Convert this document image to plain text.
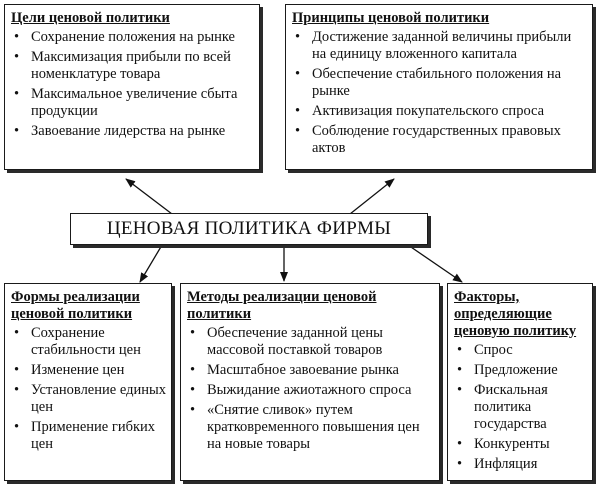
Цели ценовой политики
• Сохранение положения на рынке
• Максимизация прибыли по всей номенклатуре товара
• Максимальное увеличение сбыта продукции
• Завоевание лидерства на рынке
Принципы ценовой политики
• Достижение заданной величины прибыли на единицу вложенного капитала
• Обеспечение стабильного положения на рынке
• Активизация покупательского спроса
• Соблюдение государственных правовых актов
ЦЕНОВАЯ ПОЛИТИКА ФИРМЫ
Формы реализации ценовой политики
• Сохранение стабильности цен
• Изменение цен
• Установление единых цен
• Применение гибких цен
Методы реализации ценовой политики
• Обеспечение заданной цены массовой поставкой товаров
• Масштабное завоевание рынка
• Выжидание ажиотажного спроса
• «Снятие сливок» путем кратковременного повышения цен на новые товары
Факторы, определяющие ценовую политику
• Спрос
• Предложение
• Фискальная политика государства
• Конкуренты
• Инфляция
